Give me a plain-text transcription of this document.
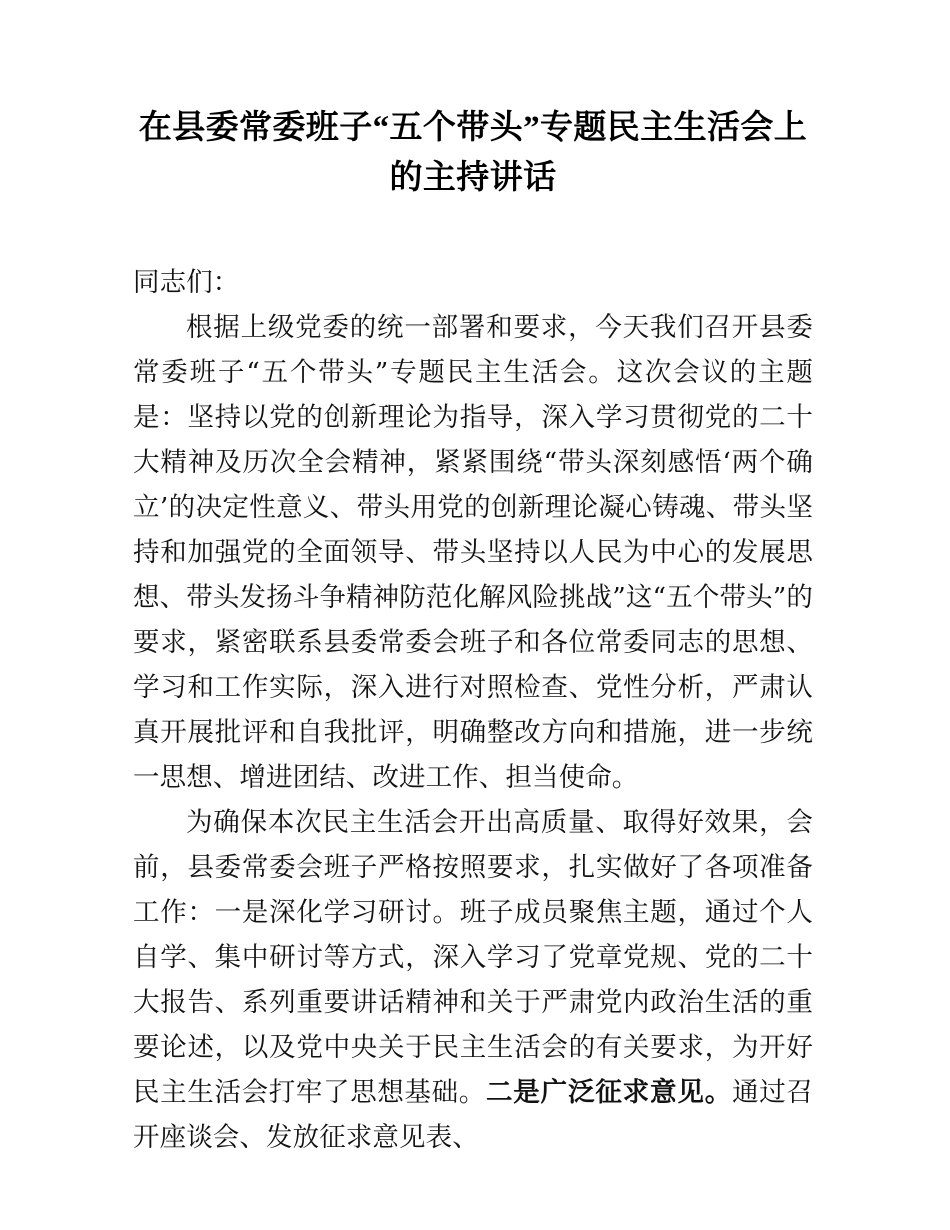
在县委常委班子“五个带头”专题民主生活会上的主持讲话

同志们：

根据上级党委的统一部署和要求，今天我们召开县委常委班子“五个带头”专题民主生活会。这次会议的主题是：坚持以党的创新理论为指导，深入学习贯彻党的二十大精神及历次全会精神，紧紧围绕“带头深刻感悟‘两个确立’的决定性意义、带头用党的创新理论凝心铸魂、带头坚持和加强党的全面领导、带头坚持以人民为中心的发展思想、带头发扬斗争精神防范化解风险挑战”这“五个带头”的要求，紧密联系县委常委会班子和各位常委同志的思想、学习和工作实际，深入进行对照检查、党性分析，严肃认真开展批评和自我批评，明确整改方向和措施，进一步统一思想、增进团结、改进工作、担当使命。

为确保本次民主生活会开出高质量、取得好效果，会前，县委常委会班子严格按照要求，扎实做好了各项准备工作：一是深化学习研讨。班子成员聚焦主题，通过个人自学、集中研讨等方式，深入学习了党章党规、党的二十大报告、系列重要讲话精神和关于严肃党内政治生活的重要论述，以及党中央关于民主生活会的有关要求，为开好民主生活会打牢了思想基础。二是广泛征求意见。通过召开座谈会、发放征求意见表、
